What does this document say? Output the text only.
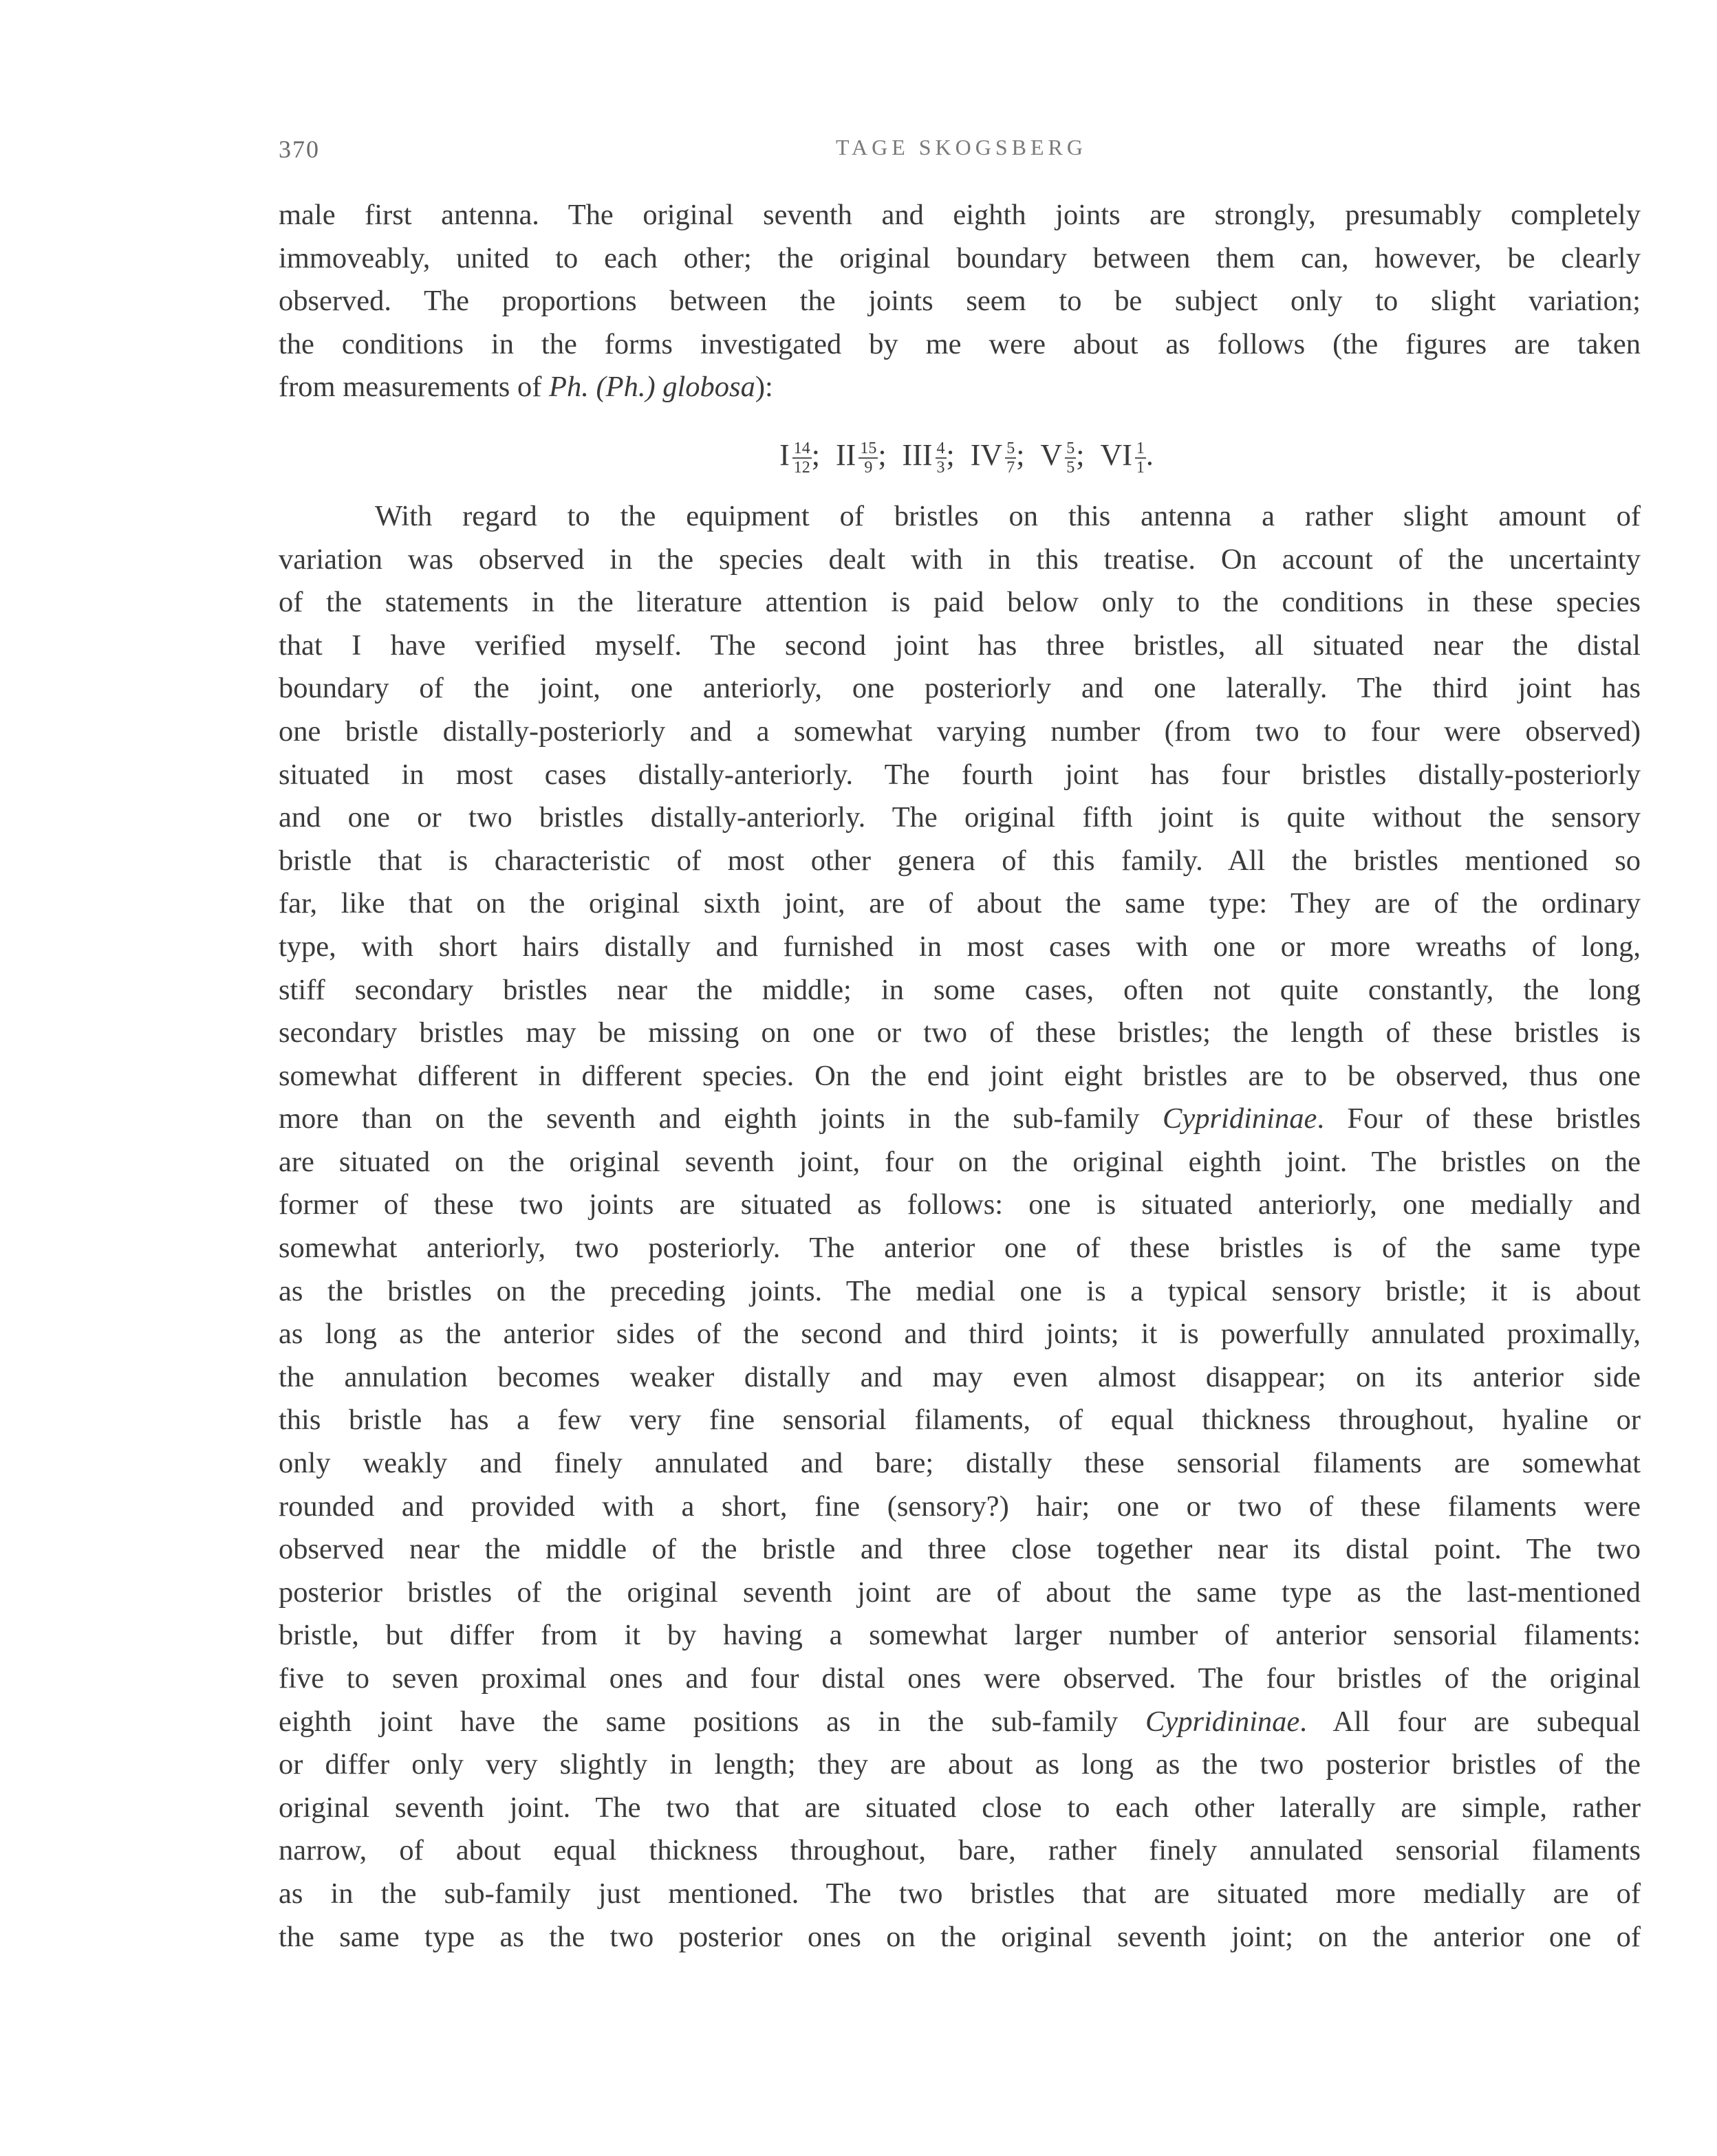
370	TAGE SKOGSBERG
male first antenna. The original seventh and eighth joints are strongly, presumably completely
immoveably, united to each other; the original boundary between them can, however, be clearly
observed. The proportions between the joints seem to be subject only to slight variation;
the conditions in the forms investigated by me were about as follows (the figures are taken
from measurements of Ph. (Ph.) globosa):
I $\frac{14}{12}$ ; II $\frac{15}{9}$ ; III $\frac{4}{3}$ ; IV $\frac{5}{7}$ ; V $\frac{5}{5}$ ; VI $\frac{1}{1}$ .
With regard to the equipment of bristles on this antenna a rather slight amount of
variation was observed in the species dealt with in this treatise. On account of the uncertainty
of the statements in the literature attention is paid below only to the conditions in these species
that I have verified myself. The second joint has three bristles, all situated near the distal
boundary of the joint, one anteriorly, one posteriorly and one laterally. The third joint has
one bristle distally-posteriorly and a somewhat varying number (from two to four were observed)
situated in most cases distally-anteriorly. The fourth joint has four bristles distally-posteriorly
and one or two bristles distally-anteriorly. The original fifth joint is quite without the sensory
bristle that is characteristic of most other genera of this family. All the bristles mentioned so
far, like that on the original sixth joint, are of about the same type: They are of the ordinary
type, with short hairs distally and furnished in most cases with one or more wreaths of long,
stiff secondary bristles near the middle; in some cases, often not quite constantly, the long
secondary bristles may be missing on one or two of these bristles; the length of these bristles is
somewhat different in different species. On the end joint eight bristles are to be observed, thus one
more than on the seventh and eighth joints in the sub-family Cypridininae. Four of these bristles
are situated on the original seventh joint, four on the original eighth joint. The bristles on the
former of these two joints are situated as follows: one is situated anteriorly, one medially and
somewhat anteriorly, two posteriorly. The anterior one of these bristles is of the same type
as the bristles on the preceding joints. The medial one is a typical sensory bristle; it is about
as long as the anterior sides of the second and third joints; it is powerfully annulated proximally,
the annulation becomes weaker distally and may even almost disappear; on its anterior side
this bristle has a few very fine sensorial filaments, of equal thickness throughout, hyaline or
only weakly and finely annulated and bare; distally these sensorial filaments are somewhat
rounded and provided with a short, fine (sensory?) hair; one or two of these filaments were
observed near the middle of the bristle and three close together near its distal point. The two
posterior bristles of the original seventh joint are of about the same type as the last-mentioned
bristle, but differ from it by having a somewhat larger number of anterior sensorial filaments:
five to seven proximal ones and four distal ones were observed. The four bristles of the original
eighth joint have the same positions as in the sub-family Cypridininae. All four are subequal
or differ only very slightly in length; they are about as long as the two posterior bristles of the
original seventh joint. The two that are situated close to each other laterally are simple, rather
narrow, of about equal thickness throughout, bare, rather finely annulated sensorial filaments
as in the sub-family just mentioned. The two bristles that are situated more medially are of
the same type as the two posterior ones on the original seventh joint; on the anterior one of
